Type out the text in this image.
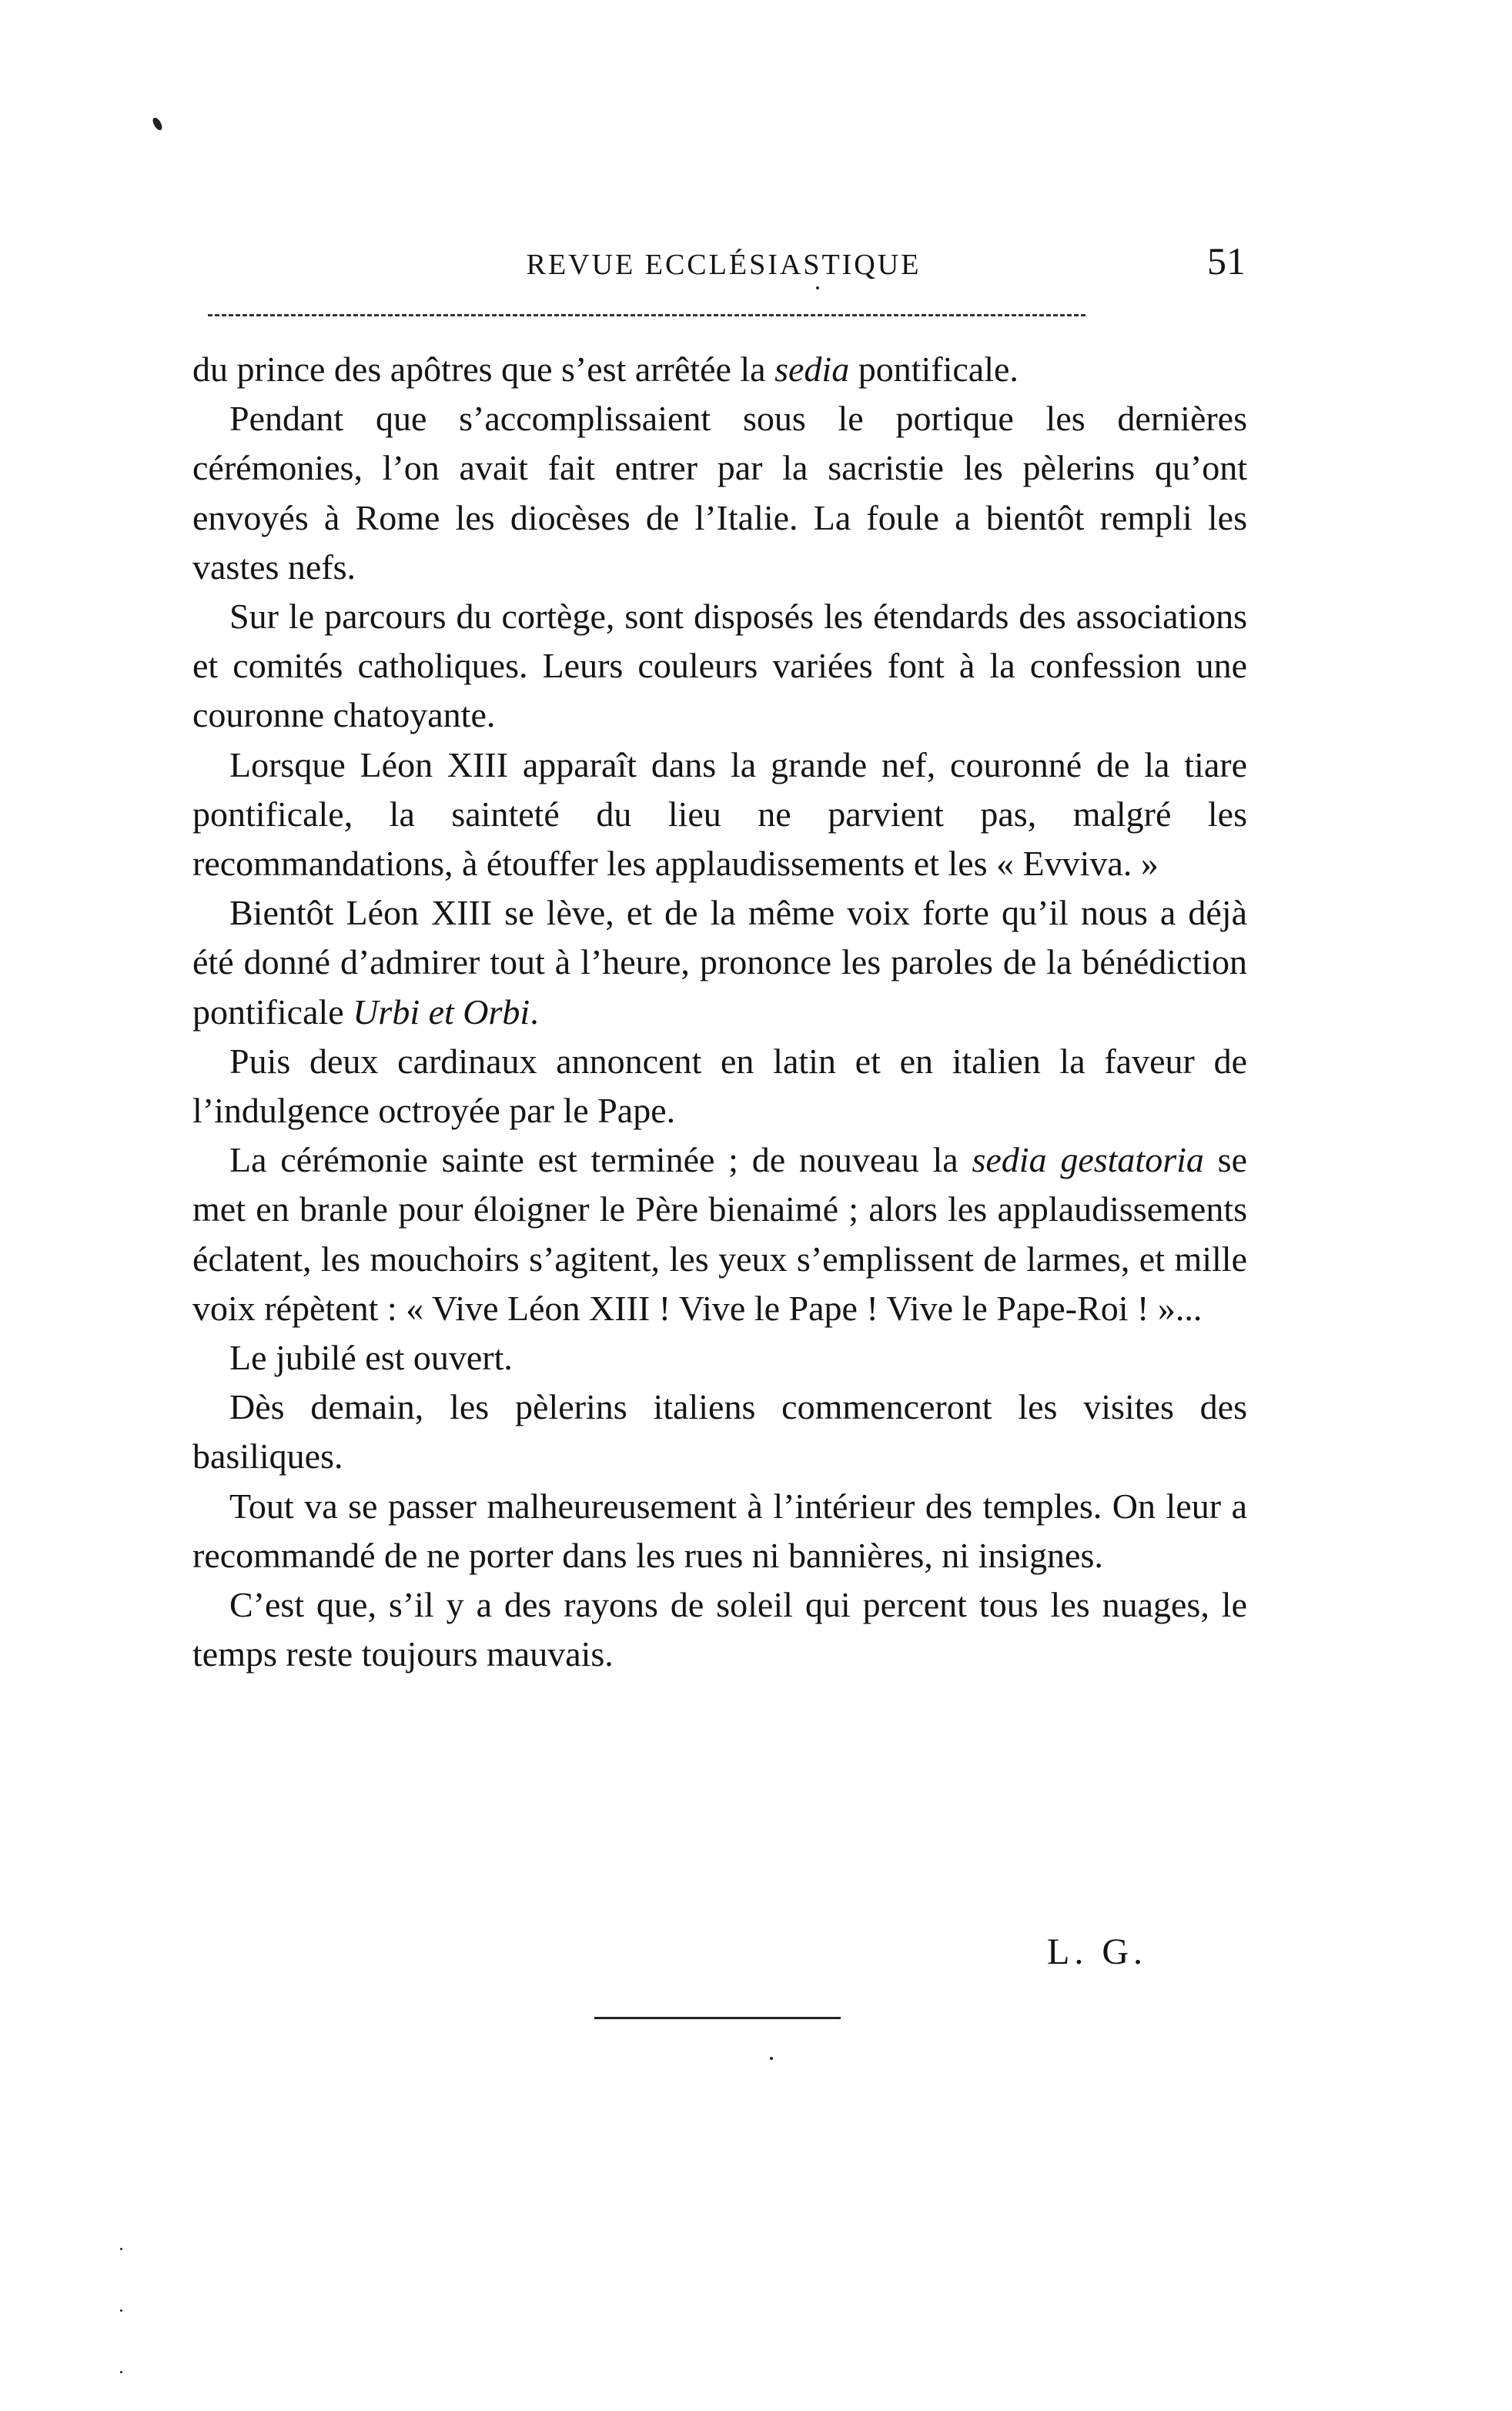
REVUE ECCLÉSIASTIQUE	51

du prince des apôtres que s’est arrêtée la sedia pontificale.

Pendant que s’accomplissaient sous le portique les dernières cérémonies, l’on avait fait entrer par la sacristie les pèlerins qu’ont envoyés à Rome les diocèses de l’Italie. La foule a bientôt rempli les vastes nefs.

Sur le parcours du cortège, sont disposés les étendards des associations et comités catholiques. Leurs couleurs variées font à la confession une couronne chatoyante.

Lorsque Léon XIII apparaît dans la grande nef, couronné de la tiare pontificale, la sainteté du lieu ne parvient pas, malgré les recommandations, à étouffer les applaudissements et les « Evviva. »

Bientôt Léon XIII se lève, et de la même voix forte qu’il nous a déjà été donné d’admirer tout à l’heure, prononce les paroles de la bénédiction pontificale Urbi et Orbi.

Puis deux cardinaux annoncent en latin et en italien la faveur de l’indulgence octroyée par le Pape.

La cérémonie sainte est terminée ; de nouveau la sedia gestatoria se met en branle pour éloigner le Père bienaimé ; alors les applaudissements éclatent, les mouchoirs s’agitent, les yeux s’emplissent de larmes, et mille voix répètent : « Vive Léon XIII ! Vive le Pape ! Vive le Pape-Roi ! »...

Le jubilé est ouvert.

Dès demain, les pèlerins italiens commenceront les visites des basiliques.

Tout va se passer malheureusement à l’intérieur des temples. On leur a recommandé de ne porter dans les rues ni bannières, ni insignes.

C’est que, s’il y a des rayons de soleil qui percent tous les nuages, le temps reste toujours mauvais.

L. G.
